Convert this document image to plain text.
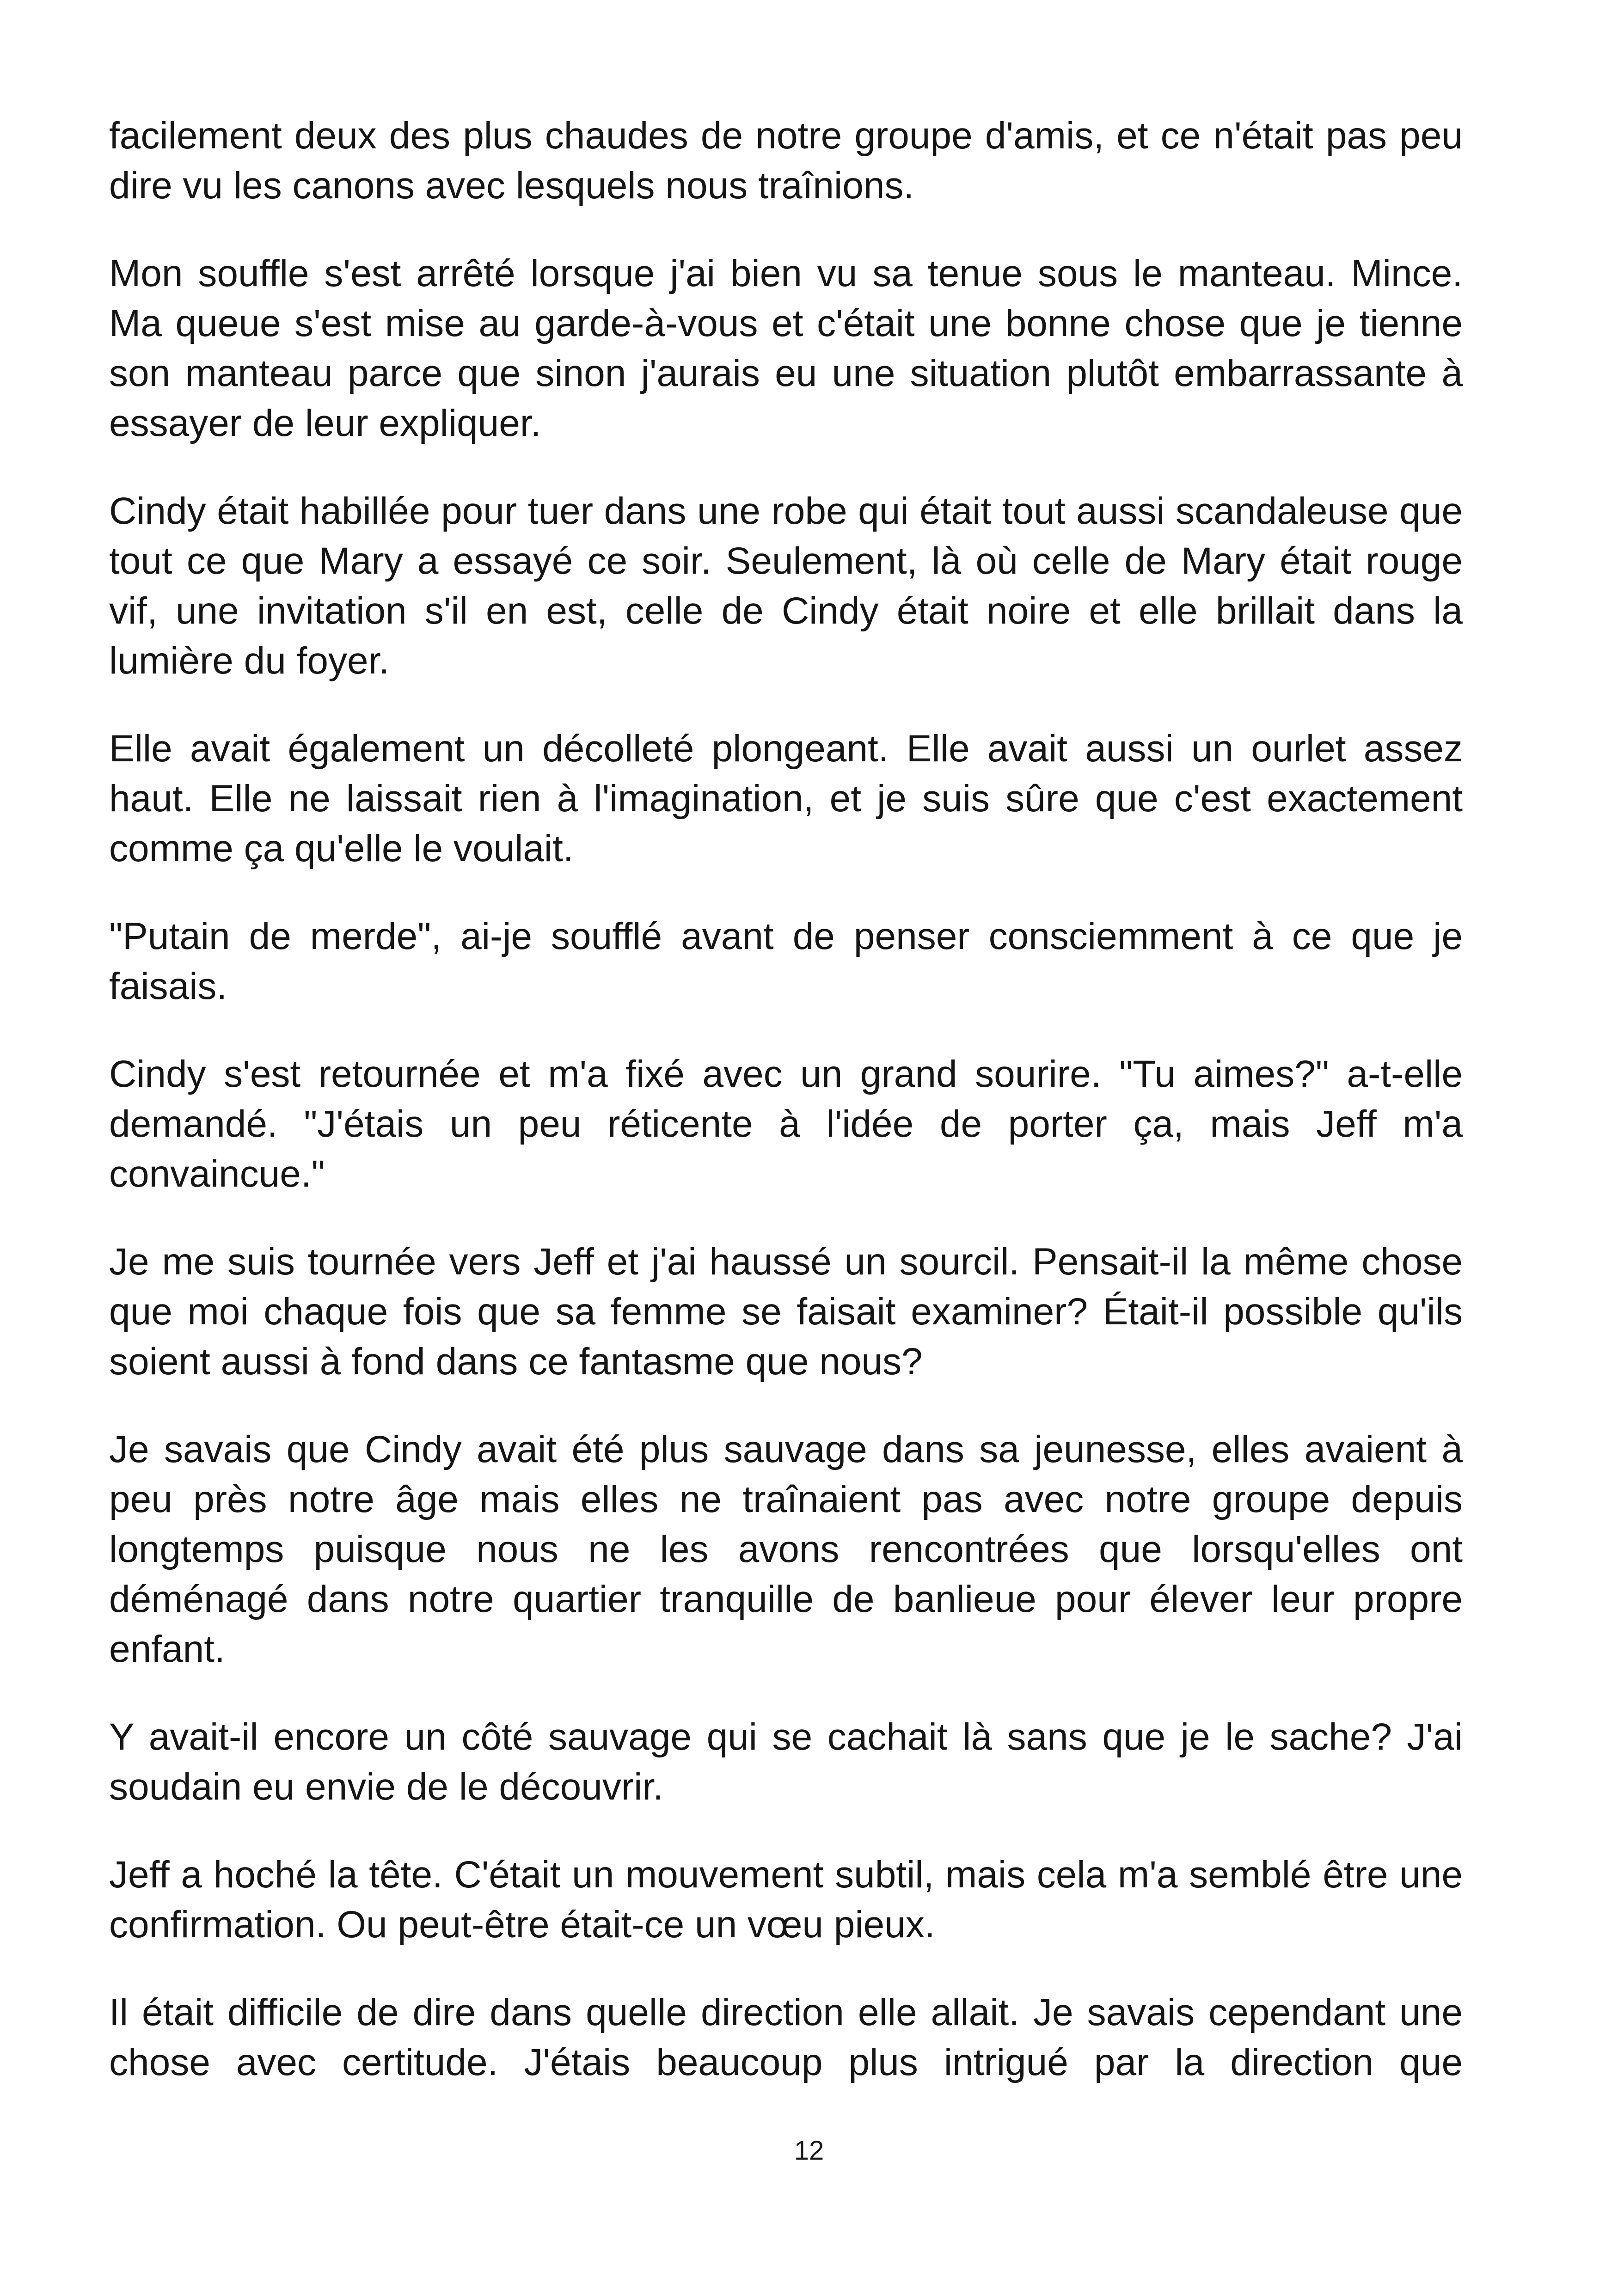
facilement deux des plus chaudes de notre groupe d'amis, et ce n'était pas peu dire vu les canons avec lesquels nous traînions.

Mon souffle s'est arrêté lorsque j'ai bien vu sa tenue sous le manteau. Mince. Ma queue s'est mise au garde-à-vous et c'était une bonne chose que je tienne son manteau parce que sinon j'aurais eu une situation plutôt embarrassante à essayer de leur expliquer.

Cindy était habillée pour tuer dans une robe qui était tout aussi scandaleuse que tout ce que Mary a essayé ce soir. Seulement, là où celle de Mary était rouge vif, une invitation s'il en est, celle de Cindy était noire et elle brillait dans la lumière du foyer.

Elle avait également un décolleté plongeant. Elle avait aussi un ourlet assez haut. Elle ne laissait rien à l'imagination, et je suis sûre que c'est exactement comme ça qu'elle le voulait.

"Putain de merde", ai-je soufflé avant de penser consciemment à ce que je faisais.

Cindy s'est retournée et m'a fixé avec un grand sourire. "Tu aimes?" a-t-elle demandé. "J'étais un peu réticente à l'idée de porter ça, mais Jeff m'a convaincue."

Je me suis tournée vers Jeff et j'ai haussé un sourcil. Pensait-il la même chose que moi chaque fois que sa femme se faisait examiner? Était-il possible qu'ils soient aussi à fond dans ce fantasme que nous?

Je savais que Cindy avait été plus sauvage dans sa jeunesse, elles avaient à peu près notre âge mais elles ne traînaient pas avec notre groupe depuis longtemps puisque nous ne les avons rencontrées que lorsqu'elles ont déménagé dans notre quartier tranquille de banlieue pour élever leur propre enfant.

Y avait-il encore un côté sauvage qui se cachait là sans que je le sache? J'ai soudain eu envie de le découvrir.

Jeff a hoché la tête. C'était un mouvement subtil, mais cela m'a semblé être une confirmation. Ou peut-être était-ce un vœu pieux.

Il était difficile de dire dans quelle direction elle allait. Je savais cependant une chose avec certitude. J'étais beaucoup plus intrigué par la direction que

12
